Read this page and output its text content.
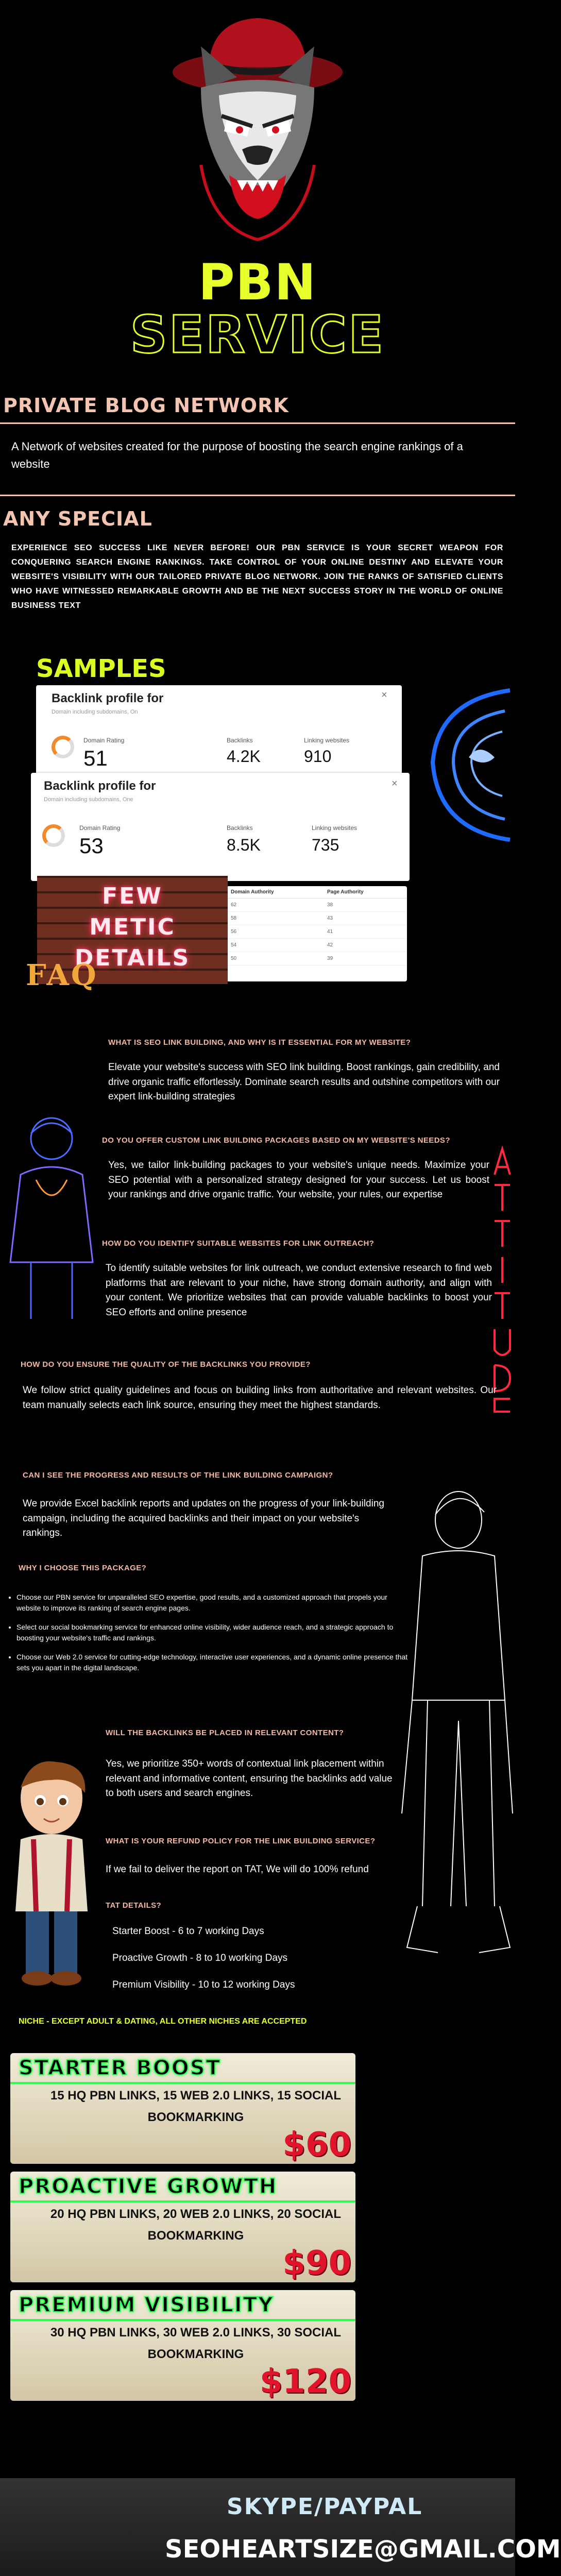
PBN
SERVICE
PRIVATE BLOG NETWORK
A Network of websites created for the purpose of boosting the search engine rankings of a website
ANY SPECIAL
EXPERIENCE SEO SUCCESS LIKE NEVER BEFORE! OUR PBN SERVICE IS YOUR SECRET WEAPON FOR CONQUERING SEARCH ENGINE RANKINGS. TAKE CONTROL OF YOUR ONLINE DESTINY AND ELEVATE YOUR WEBSITE'S VISIBILITY WITH OUR TAILORED PRIVATE BLOG NETWORK. JOIN THE RANKS OF SATISFIED CLIENTS WHO HAVE WITNESSED REMARKABLE GROWTH AND BE THE NEXT SUCCESS STORY IN THE WORLD OF ONLINE BUSINESS TEXT
SAMPLES
Backlink profile for
Domain including subdomains, On
×
Domain Rating
51
Backlinks
4.2K
Linking websites
910
Backlink profile for
Domain including subdomains, One
×
Domain Rating
53
Backlinks
8.5K
Linking websites
735
Domain Authority	Page Authority
62	38
58	43
56	41
54	42
50	39
FEW
METIC
DETAILS
FAQ
WHAT IS SEO LINK BUILDING, AND WHY IS IT ESSENTIAL FOR MY WEBSITE?
Elevate your website's success with SEO link building. Boost rankings, gain credibility, and drive organic traffic effortlessly. Dominate search results and outshine competitors with our expert link-building strategies
DO YOU OFFER CUSTOM LINK BUILDING PACKAGES BASED ON MY WEBSITE'S NEEDS?
Yes, we tailor link-building packages to your website's unique needs. Maximize your SEO potential with a personalized strategy designed for your success. Let us boost your rankings and drive organic traffic. Your website, your rules, our expertise
HOW DO YOU IDENTIFY SUITABLE WEBSITES FOR LINK OUTREACH?
To identify suitable websites for link outreach, we conduct extensive research to find web platforms that are relevant to your niche, have strong domain authority, and align with your content. We prioritize websites that can provide valuable backlinks to boost your SEO efforts and online presence
HOW DO YOU ENSURE THE QUALITY OF THE BACKLINKS YOU PROVIDE?
We follow strict quality guidelines and focus on building links from authoritative and relevant websites. Our team manually selects each link source, ensuring they meet the highest standards.
CAN I SEE THE PROGRESS AND RESULTS OF THE LINK BUILDING CAMPAIGN?
We provide Excel backlink reports and updates on the progress of your link-building campaign, including the acquired backlinks and their impact on your website's rankings.
WHY I CHOOSE THIS PACKAGE?
• Choose our PBN service for unparalleled SEO expertise, good results, and a customized approach that propels your website to improve its ranking of search engine pages.
• Select our social bookmarking service for enhanced online visibility, wider audience reach, and a strategic approach to boosting your website's traffic and rankings.
• Choose our Web 2.0 service for cutting-edge technology, interactive user experiences, and a dynamic online presence that sets you apart in the digital landscape.
WILL THE BACKLINKS BE PLACED IN RELEVANT CONTENT?
Yes, we prioritize 350+ words of contextual link placement within relevant and informative content, ensuring the backlinks add value to both users and search engines.
WHAT IS YOUR REFUND POLICY FOR THE LINK BUILDING SERVICE?
If we fail to deliver the report on TAT, We will do 100% refund
TAT DETAILS?
Starter Boost - 6 to 7 working Days
Proactive Growth - 8 to 10 working Days
Premium Visibility - 10 to 12 working Days
NICHE - EXCEPT ADULT & DATING, ALL OTHER NICHES ARE ACCEPTED
STARTER BOOST
15 HQ PBN LINKS, 15 WEB 2.0 LINKS, 15 SOCIAL
BOOKMARKING
$60
PROACTIVE GROWTH
20 HQ PBN LINKS, 20 WEB 2.0 LINKS, 20 SOCIAL
BOOKMARKING
$90
PREMIUM VISIBILITY
30 HQ PBN LINKS, 30 WEB 2.0 LINKS, 30 SOCIAL
BOOKMARKING
$120
SKYPE/PAYPAL
SEOHEARTSIZE@GMAIL.COM
